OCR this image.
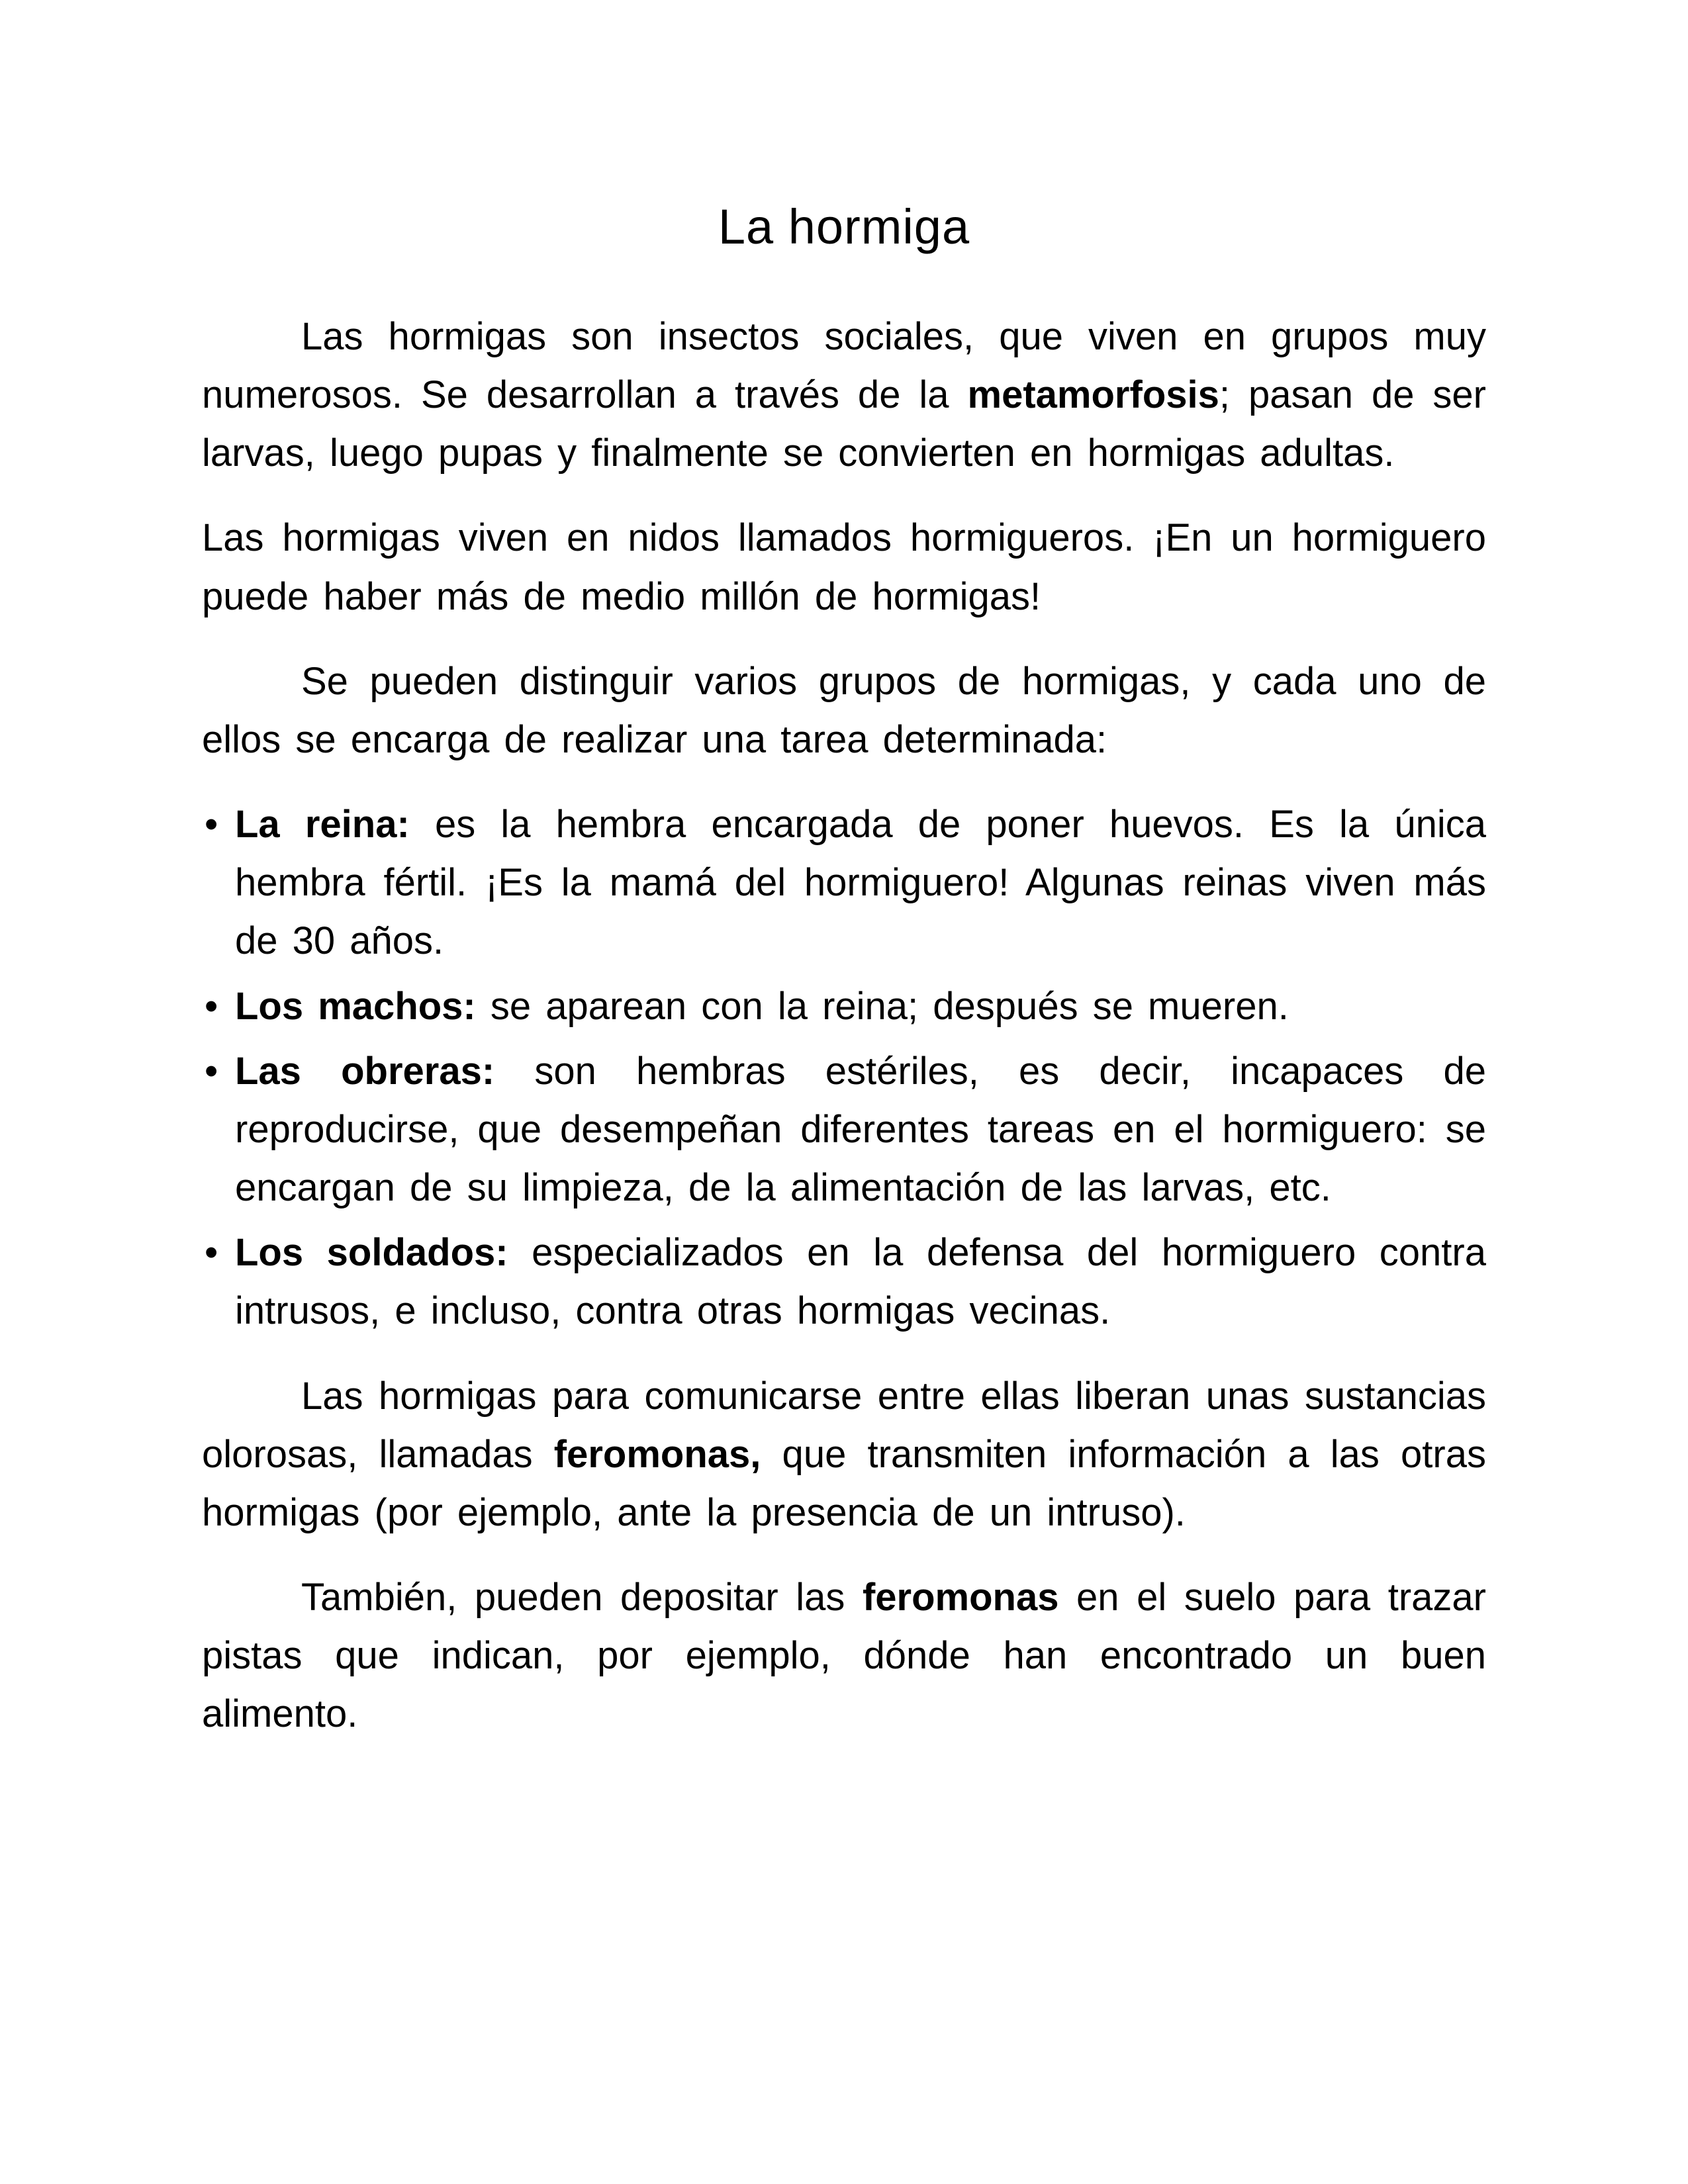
La hormiga

Las hormigas son insectos sociales, que viven en grupos muy numerosos. Se desarrollan a través de la metamorfosis; pasan de ser larvas, luego pupas y finalmente se convierten en hormigas adultas.

Las hormigas viven en nidos llamados hormigueros. ¡En un hormiguero puede haber más de medio millón de hormigas!

Se pueden distinguir varios grupos de hormigas, y cada uno de ellos se encarga de realizar una tarea determinada:

• La reina: es la hembra encargada de poner huevos. Es la única hembra fértil. ¡Es la mamá del hormiguero! Algunas reinas viven más de 30 años.
• Los machos: se aparean con la reina; después se mueren.
• Las obreras: son hembras estériles, es decir, incapaces de reproducirse, que desempeñan diferentes tareas en el hormiguero: se encargan de su limpieza, de la alimentación de las larvas, etc.
• Los soldados: especializados en la defensa del hormiguero contra intrusos, e incluso, contra otras hormigas vecinas.

Las hormigas para comunicarse entre ellas liberan unas sustancias olorosas, llamadas feromonas, que transmiten información a las otras hormigas (por ejemplo, ante la presencia de un intruso).

También, pueden depositar las feromonas en el suelo para trazar pistas que indican, por ejemplo, dónde han encontrado un buen alimento.
